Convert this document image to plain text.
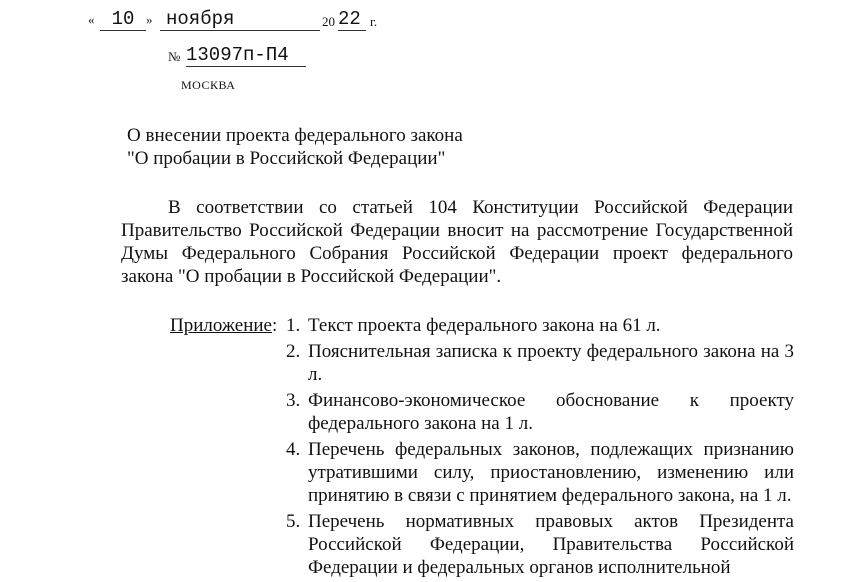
« 10 » ноября	20 22 г.
№ 13097п-П4
МОСКВА
О внесении проекта федерального закона
"О пробации в Российской Федерации"
В соответствии со статьей 104 Конституции Российской Федерации Правительство Российской Федерации вносит на рассмотрение Государственной Думы Федерального Собрания Российской Федерации проект федерального закона "О пробации в Российской Федерации".
Приложение: 1. Текст проекта федерального закона на 61 л.
2. Пояснительная записка к проекту федерального закона на 3 л.
3. Финансово-экономическое обоснование к проекту федерального закона на 1 л.
4. Перечень федеральных законов, подлежащих признанию утратившими силу, приостановлению, изменению или принятию в связи с принятием федерального закона, на 1 л.
5. Перечень нормативных правовых актов Президента Российской Федерации, Правительства Российской Федерации и федеральных органов исполнительной
